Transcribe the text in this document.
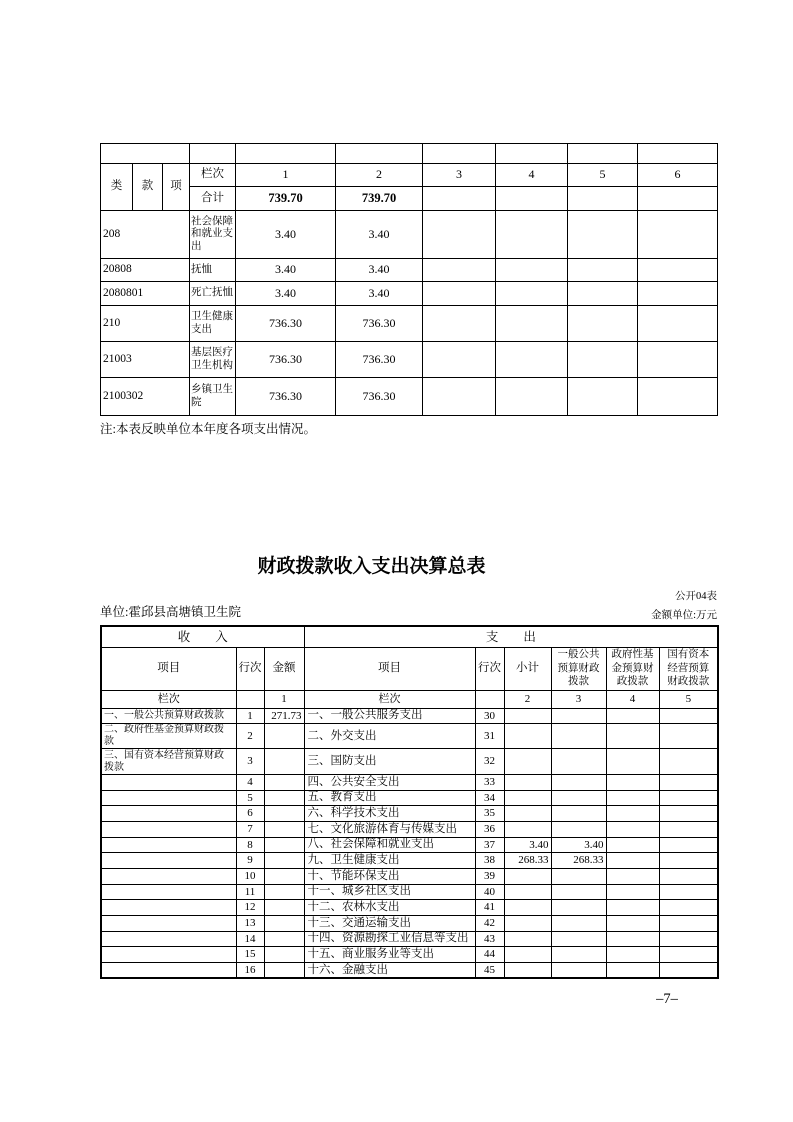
类	款	项	栏次	1	2	3	4	5	6
			合计	739.70	739.70				
208			社会保障和就业支出	3.40	3.40				
20808			抚恤	3.40	3.40				
2080801			死亡抚恤	3.40	3.40				
210			卫生健康支出	736.30	736.30				
21003			基层医疗卫生机构	736.30	736.30				
2100302			乡镇卫生院	736.30	736.30				
注:本表反映单位本年度各项支出情况。
财政拨款收入支出决算总表
公开04表
单位:霍邱县高塘镇卫生院	金额单位:万元
收　　入			支　　出					
项目	行次	金额	项目	行次	小计	一般公共预算财政拨款	政府性基金预算财政拨款	国有资本经营预算财政拨款
栏次		1	栏次		2	3	4	5
一、一般公共预算财政拨款	1	271.73	一、一般公共服务支出	30				
二、政府性基金预算财政拨款	2		二、外交支出	31				
三、国有资本经营预算财政拨款	3		三、国防支出	32				
	4		四、公共安全支出	33				
	5		五、教育支出	34				
	6		六、科学技术支出	35				
	7		七、文化旅游体育与传媒支出	36				
	8		八、社会保障和就业支出	37	3.40	3.40		
	9		九、卫生健康支出	38	268.33	268.33		
	10		十、节能环保支出	39				
	11		十一、城乡社区支出	40				
	12		十二、农林水支出	41				
	13		十三、交通运输支出	42				
	14		十四、资源勘探工业信息等支出	43				
	15		十五、商业服务业等支出	44				
	16		十六、金融支出	45				
–7–
